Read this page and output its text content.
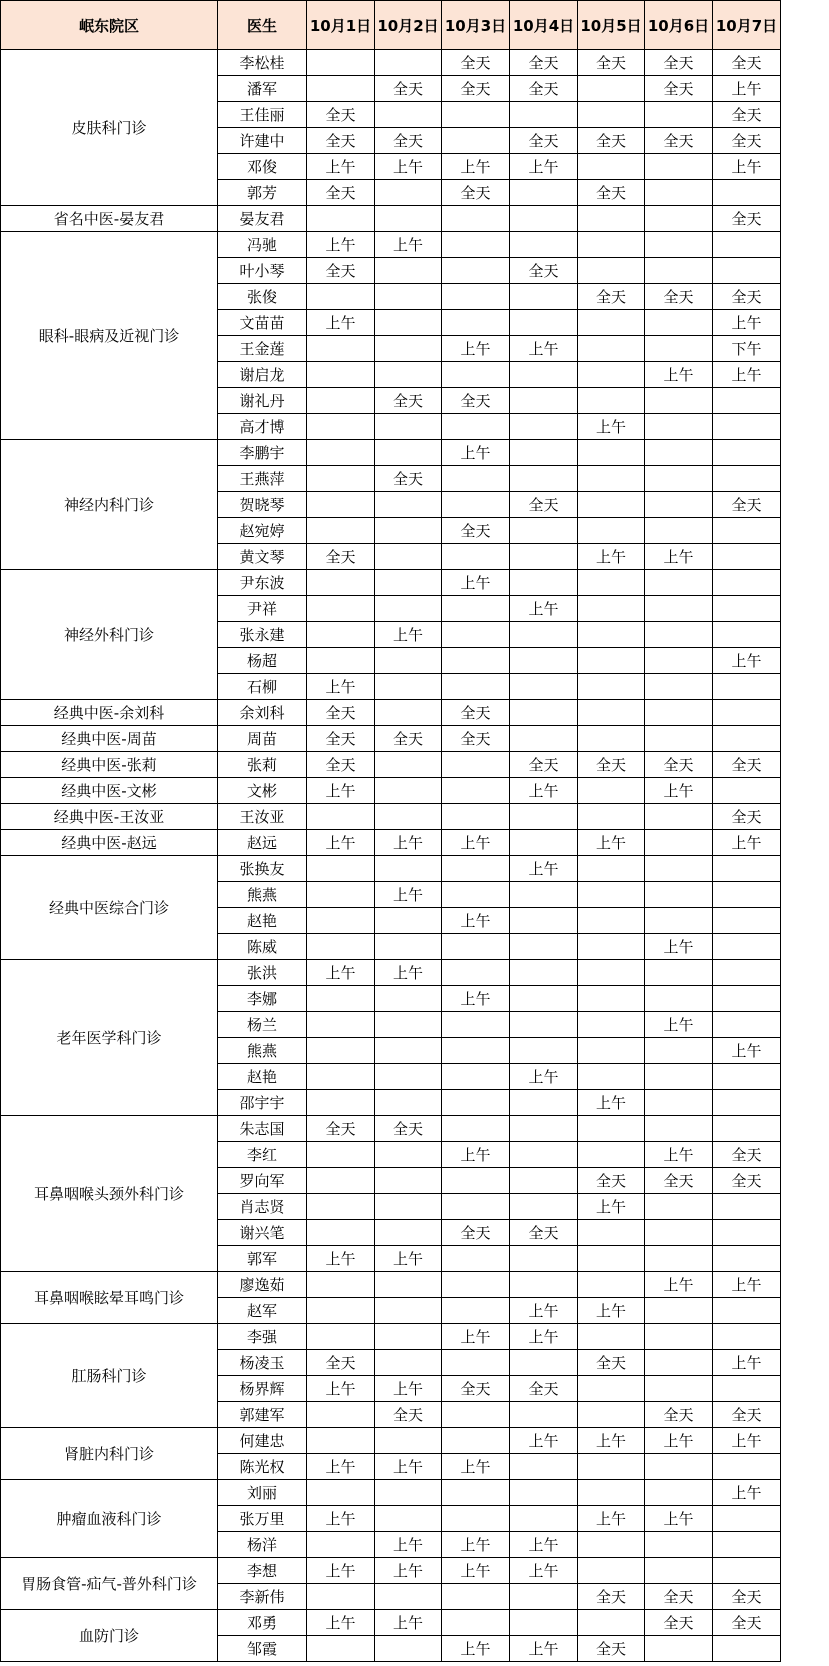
岷东院区	医生	10月1日	10月2日	10月3日	10月4日	10月5日	10月6日	10月7日
皮肤科门诊	李松桂			全天	全天	全天	全天	全天
	潘军		全天	全天	全天		全天	上午
	王佳丽	全天						全天
	许建中	全天	全天		全天	全天	全天	全天
	邓俊	上午	上午	上午	上午			上午
	郭芳	全天		全天		全天		
省名中医-晏友君	晏友君							全天
眼科-眼病及近视门诊	冯驰	上午	上午					
	叶小琴	全天			全天			
	张俊					全天	全天	全天
	文苗苗	上午						上午
	王金莲			上午	上午			下午
	谢启龙						上午	上午
	谢礼丹		全天	全天				
	高才博					上午		
神经内科门诊	李鹏宇			上午				
	王燕萍		全天					
	贺晓琴				全天			全天
	赵宛婷			全天				
	黄文琴	全天				上午	上午	
神经外科门诊	尹东波			上午				
	尹祥				上午			
	张永建		上午					
	杨超							上午
	石柳	上午						
经典中医-余刘科	余刘科	全天		全天				
经典中医-周苗	周苗	全天	全天	全天				
经典中医-张莉	张莉	全天			全天	全天	全天	全天
经典中医-文彬	文彬	上午			上午		上午	
经典中医-王汝亚	王汝亚							全天
经典中医-赵远	赵远	上午	上午	上午		上午		上午
经典中医综合门诊	张换友				上午			
	熊燕		上午					
	赵艳			上午				
	陈威						上午	
老年医学科门诊	张洪	上午	上午					
	李娜			上午				
	杨兰						上午	
	熊燕							上午
	赵艳				上午			
	邵宇宇					上午		
耳鼻咽喉头颈外科门诊	朱志国	全天	全天					
	李红			上午			上午	全天
	罗向军					全天	全天	全天
	肖志贤					上午		
	谢兴笔			全天	全天			
	郭军	上午	上午					
耳鼻咽喉眩晕耳鸣门诊	廖逸茹						上午	上午
	赵军				上午	上午		
肛肠科门诊	李强			上午	上午			
	杨凌玉	全天				全天		上午
	杨界辉	上午	上午	全天	全天			
	郭建军		全天				全天	全天
肾脏内科门诊	何建忠				上午	上午	上午	上午
	陈光权	上午	上午	上午				
肿瘤血液科门诊	刘丽							上午
	张万里	上午				上午	上午	
	杨洋		上午	上午	上午			
胃肠食管-疝气-普外科门诊	李想	上午	上午	上午	上午			
	李新伟					全天	全天	全天
血防门诊	邓勇	上午	上午				全天	全天
	邹霞			上午	上午	全天		
